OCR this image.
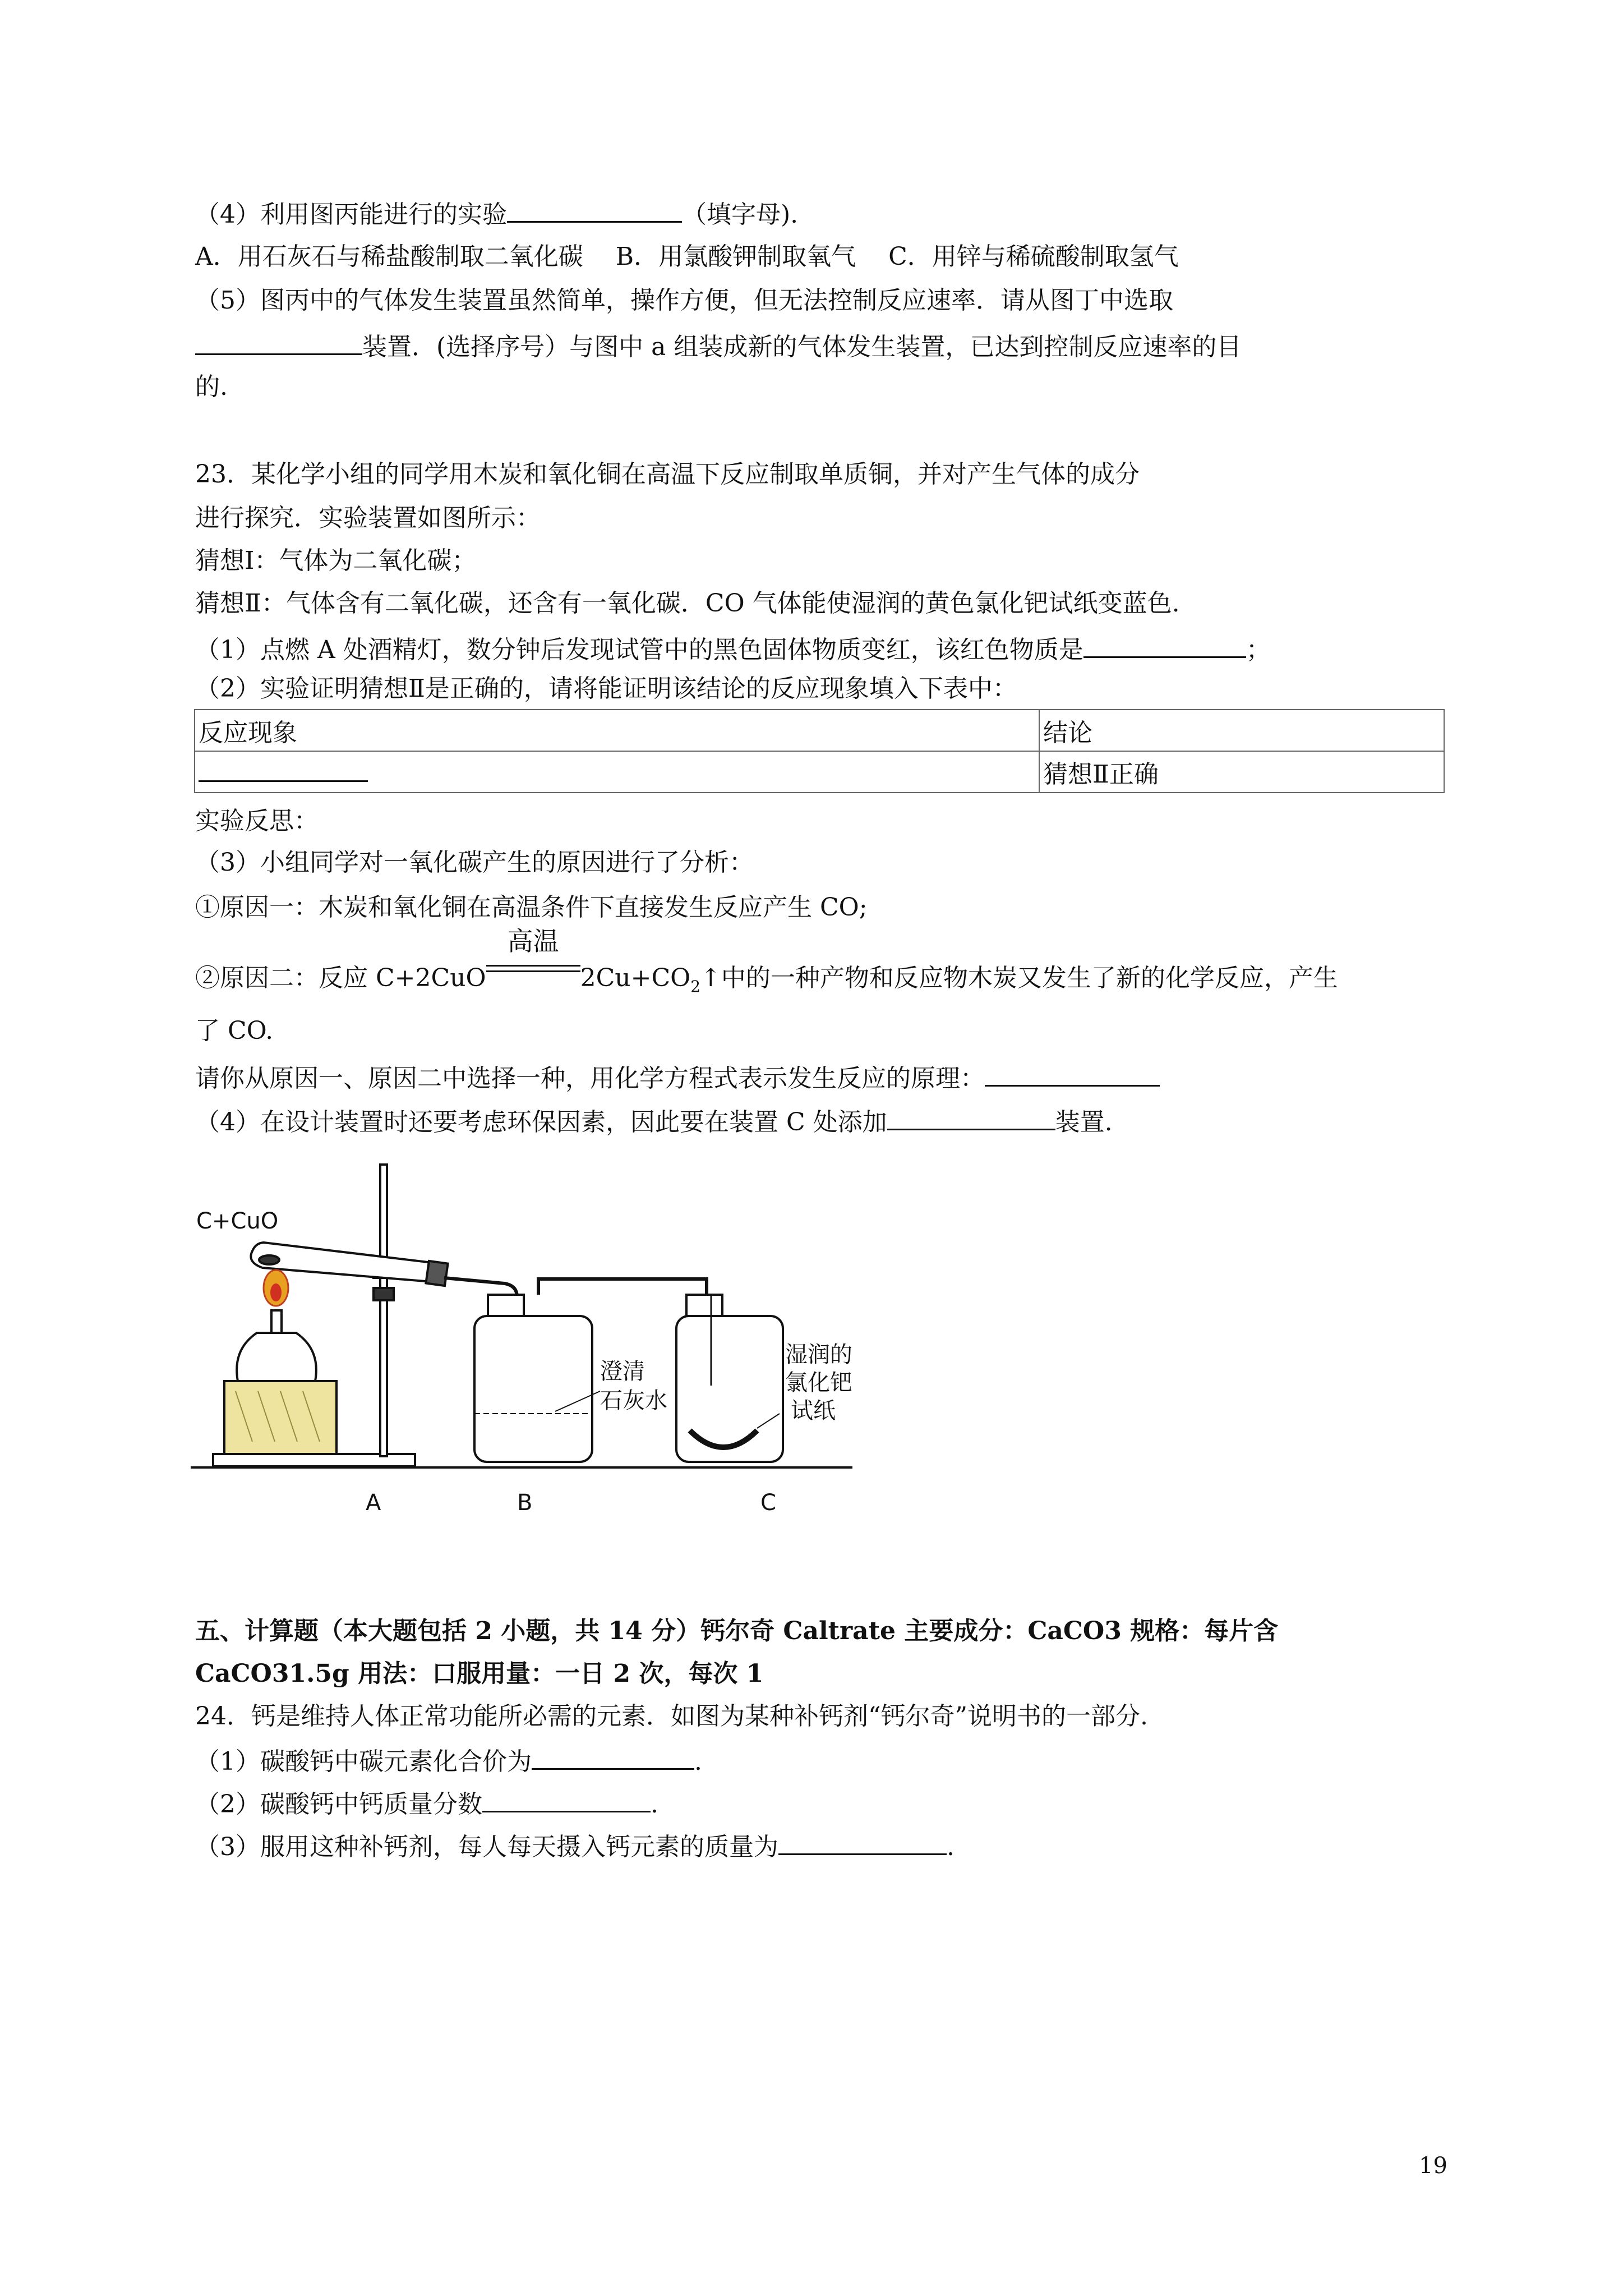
（4）利用图丙能进行的实验	（填字母).
A．用石灰石与稀盐酸制取二氧化碳　 B．用氯酸钾制取氧气　 C．用锌与稀硫酸制取氢气
（5）图丙中的气体发生装置虽然简单，操作方便，但无法控制反应速率．请从图丁中选取
装置．(选择序号）与图中 a 组装成新的气体发生装置，已达到控制反应速率的目
的.
23．某化学小组的同学用木炭和氧化铜在高温下反应制取单质铜，并对产生气体的成分
进行探究．实验装置如图所示：
猜想Ⅰ：气体为二氧化碳；
猜想Ⅱ：气体含有二氧化碳，还含有一氧化碳．CO 气体能使湿润的黄色氯化钯试纸变蓝色.
（1）点燃 A 处酒精灯，数分钟后发现试管中的黑色固体物质变红，该红色物质是	；
（2）实验证明猜想Ⅱ是正确的，请将能证明该结论的反应现象填入下表中：
反应现象	结论
	猜想Ⅱ正确
实验反思：
（3）小组同学对一氧化碳产生的原因进行了分析：
①原因一：木炭和氧化铜在高温条件下直接发生反应产生 CO;
②原因二：反应 C+2CuO
高温
$2Cu+CO_2↑$中的一种产物和反应物木炭又发生了新的化学反应，产生
了 CO.
请你从原因一、原因二中选择一种，用化学方程式表示发生反应的原理：
（4）在设计装置时还要考虑环保因素，因此要在装置 C 处添加	装置.
C+CuO
澄清
石灰水
湿润的
氯化钯
试纸
A	B	C
五、计算题（本大题包括 2 小题，共 14 分）钙尔奇 Caltrate 主要成分：CaCO3 规格：每片含
CaCO31.5g 用法：口服用量：一日 2 次，每次 1
24．钙是维持人体正常功能所必需的元素．如图为某种补钙剂“钙尔奇”说明书的一部分.
（1）碳酸钙中碳元素化合价为	.
（2）碳酸钙中钙质量分数	.
（3）服用这种补钙剂，每人每天摄入钙元素的质量为	.
19
